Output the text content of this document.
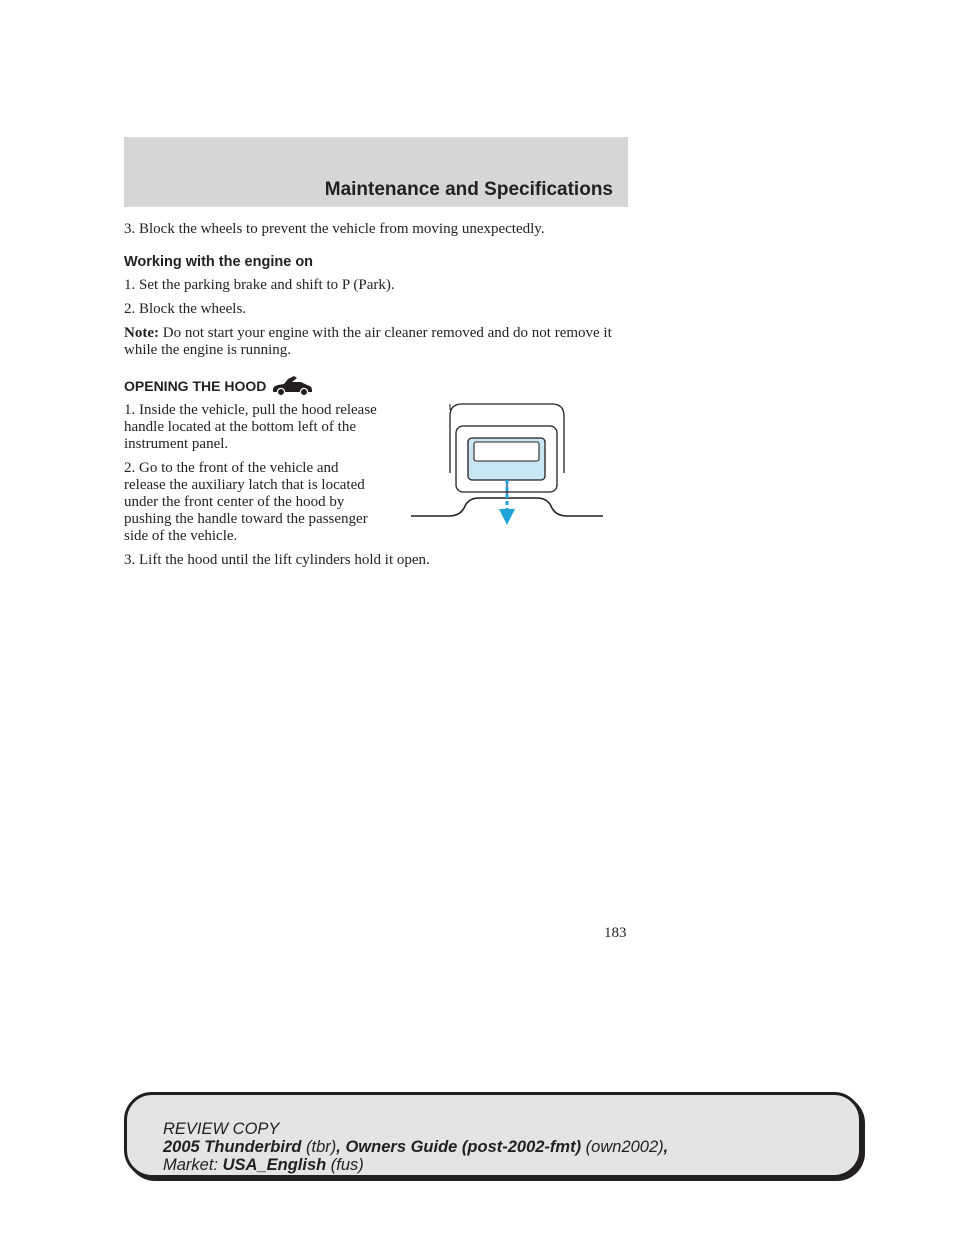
Maintenance and Specifications

3. Block the wheels to prevent the vehicle from moving unexpectedly.

Working with the engine on

1. Set the parking brake and shift to P (Park).

2. Block the wheels.

Note: Do not start your engine with the air cleaner removed and do not remove it while the engine is running.

OPENING THE HOOD

1. Inside the vehicle, pull the hood release handle located at the bottom left of the instrument panel.

2. Go to the front of the vehicle and release the auxiliary latch that is located under the front center of the hood by pushing the handle toward the passenger side of the vehicle.

3. Lift the hood until the lift cylinders hold it open.

183
REVIEW COPY
2005 Thunderbird (tbr), Owners Guide (post-2002-fmt) (own2002),
Market: USA_English (fus)
